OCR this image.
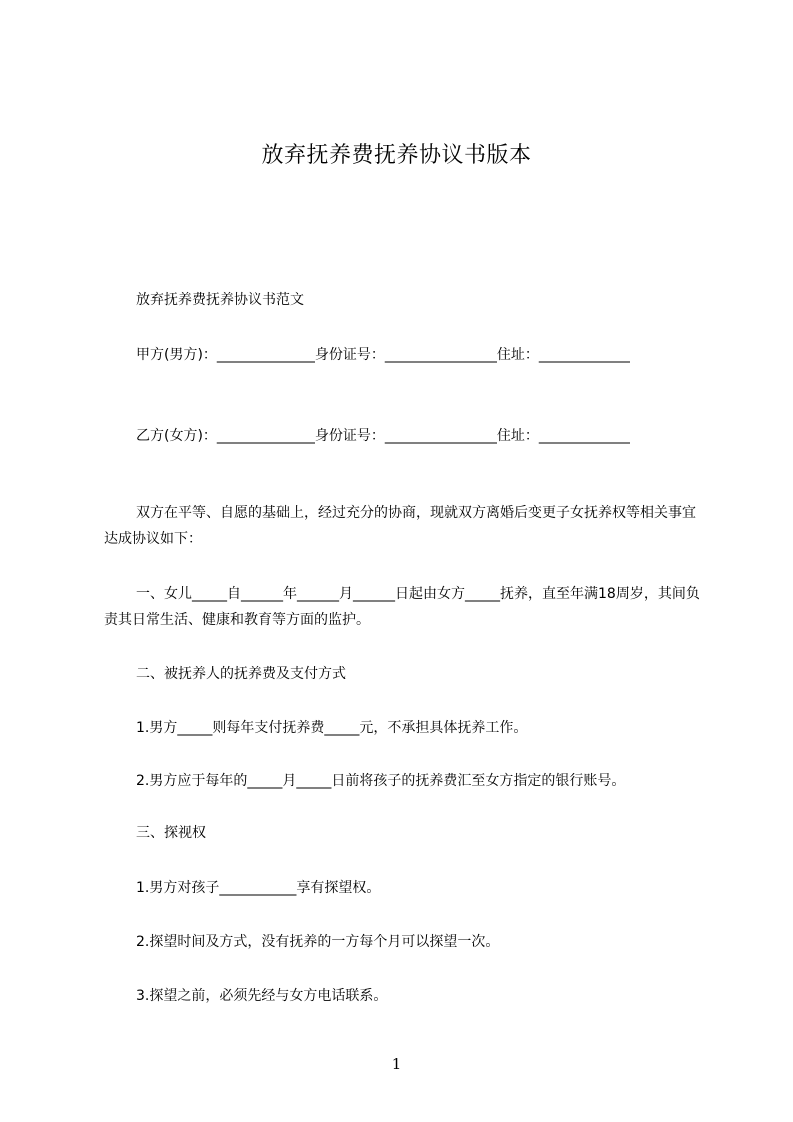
放弃抚养费抚养协议书版本
放弃抚养费抚养协议书范文
甲方(男方)：______________身份证号：________________住址：_____________
乙方(女方)：______________身份证号：________________住址：_____________
双方在平等、自愿的基础上，经过充分的协商，现就双方离婚后变更子女抚养权等相关事宜达成协议如下：
一、女儿_____自______年______月______日起由女方_____抚养，直至年满18周岁，其间负责其日常生活、健康和教育等方面的监护。
二、被抚养人的抚养费及支付方式
1.男方_____则每年支付抚养费_____元，不承担具体抚养工作。
2.男方应于每年的_____月_____日前将孩子的抚养费汇至女方指定的银行账号。
三、探视权
1.男方对孩子___________享有探望权。
2.探望时间及方式，没有抚养的一方每个月可以探望一次。
3.探望之前，必须先经与女方电话联系。
1
